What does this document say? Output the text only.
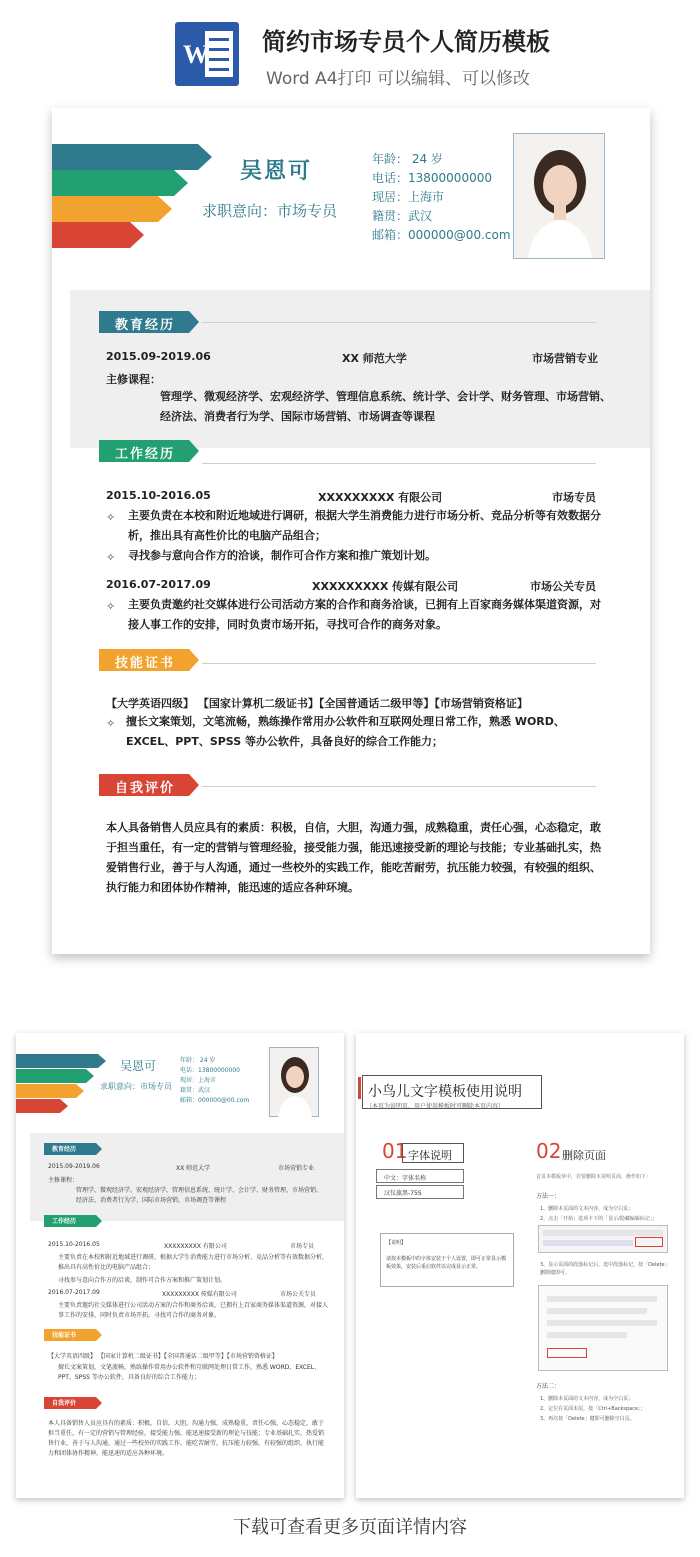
W 简约市场专员个人简历模板
Word A4打印 可以编辑、可以修改
吴恩可
求职意向：市场专员
年龄： 24 岁
电话：13800000000
现居：上海市
籍贯：武汉
邮箱：000000@00.com
教育经历
2015.09-2019.06	XX 师范大学	市场营销专业
主修课程：
管理学、微观经济学、宏观经济学、管理信息系统、统计学、会计学、财务管理、市场营销、经济法、消费者行为学、国际市场营销、市场调查等课程
工作经历
2015.10-2016.05	XXXXXXXXX 有限公司	市场专员
✧ 主要负责在本校和附近地域进行调研，根据大学生消费能力进行市场分析、竞品分析等有效数据分析，推出具有高性价比的电脑产品组合；
✧ 寻找参与意向合作方的洽谈，制作可合作方案和推广策划计划。
2016.07-2017.09	XXXXXXXXX 传媒有限公司	市场公关专员
✧ 主要负责邀约社交媒体进行公司活动方案的合作和商务洽谈，已拥有上百家商务媒体渠道资源，对接人事工作的安排，同时负责市场开拓，寻找可合作的商务对象。
技能证书
【大学英语四级】 【国家计算机二级证书】【全国普通话二级甲等】【市场营销资格证】
✧ 擅长文案策划，文笔流畅，熟练操作常用办公软件和互联网处理日常工作，熟悉 WORD、EXCEL、PPT、SPSS 等办公软件，具备良好的综合工作能力；
自我评价
本人具备销售人员应具有的素质：积极，自信，大胆，沟通力强，成熟稳重，责任心强，心态稳定，敢于担当重任，有一定的营销与管理经验，接受能力强，能迅速接受新的理论与技能；专业基础扎实，热爱销售行业，善于与人沟通，通过一些校外的实践工作，能吃苦耐劳，抗压能力较强，有较强的组织、执行能力和团体协作精神，能迅速的适应各种环境。
吴恩可
求职意向：市场专员
年龄： 24 岁
电话：13800000000
现居：上海市
籍贯：武汉
邮箱：000000@00.com
教育经历
2015.09-2019.06	XX 师范大学	市场营销专业
主修课程：
管理学、微观经济学、宏观经济学、管理信息系统、统计学、会计学、财务管理、市场营销、经济法、消费者行为学、国际市场营销、市场调查等课程
工作经历
2015.10-2016.05	XXXXXXXXX 有限公司	市场专员
主要负责在本校和附近地域进行调研，根据大学生消费能力进行市场分析、竞品分析等有效数据分析，推出具有高性价比的电脑产品组合；
寻找参与意向合作方的洽谈，制作可合作方案和推广策划计划。
2016.07-2017.09	XXXXXXXXX 传媒有限公司	市场公关专员
主要负责邀约社交媒体进行公司活动方案的合作和商务洽谈，已拥有上百家商务媒体渠道资源，对接人事工作的安排，同时负责市场开拓，寻找可合作的商务对象。
技能证书
【大学英语四级】 【国家计算机二级证书】【全国普通话二级甲等】【市场营销资格证】
擅长文案策划，文笔流畅，熟练操作常用办公软件和互联网处理日常工作，熟悉 WORD、EXCEL、PPT、SPSS 等办公软件，具备良好的综合工作能力；
自我评价
本人具备销售人员应具有的素质：积极，自信，大胆，沟通力强，成熟稳重，责任心强，心态稳定，敢于担当重任，有一定的营销与管理经验，接受能力强，能迅速接受新的理论与技能；专业基础扎实，热爱销售行业，善于与人沟通，通过一些校外的实践工作，能吃苦耐劳，抗压能力较强，有较强的组织、执行能力和团体协作精神，能迅速的适应各种环境。
小鸟儿文字模板使用说明
（本页为说明页，用户使用模板时可删除本页内容）
01 字体说明
中文：字体名称
汉仪旗黑-75S
【说明】
请按本模板中的字体安装于个人设置，即可正常显示模板效果，安装后重启软件以完成显示正常。
02 删除页面
首页本模板单中，若要删除本说明页面，操作如下：
方法一：
1、删除本页面的文本内容，成为空白页；
2、点击「开始」选项卡下的「显示/隐藏编辑标记」；
3、显示页面的段落标记后，选中段落标记，按「Delete」删除键即可。
方法二：
1、删除本页面的文本内容，成为空白页；
2、定位在页面末尾，按「Ctrl+Backspace」；
3、再次按「Delete」键即可删除空白页。
下载可查看更多页面详情内容
